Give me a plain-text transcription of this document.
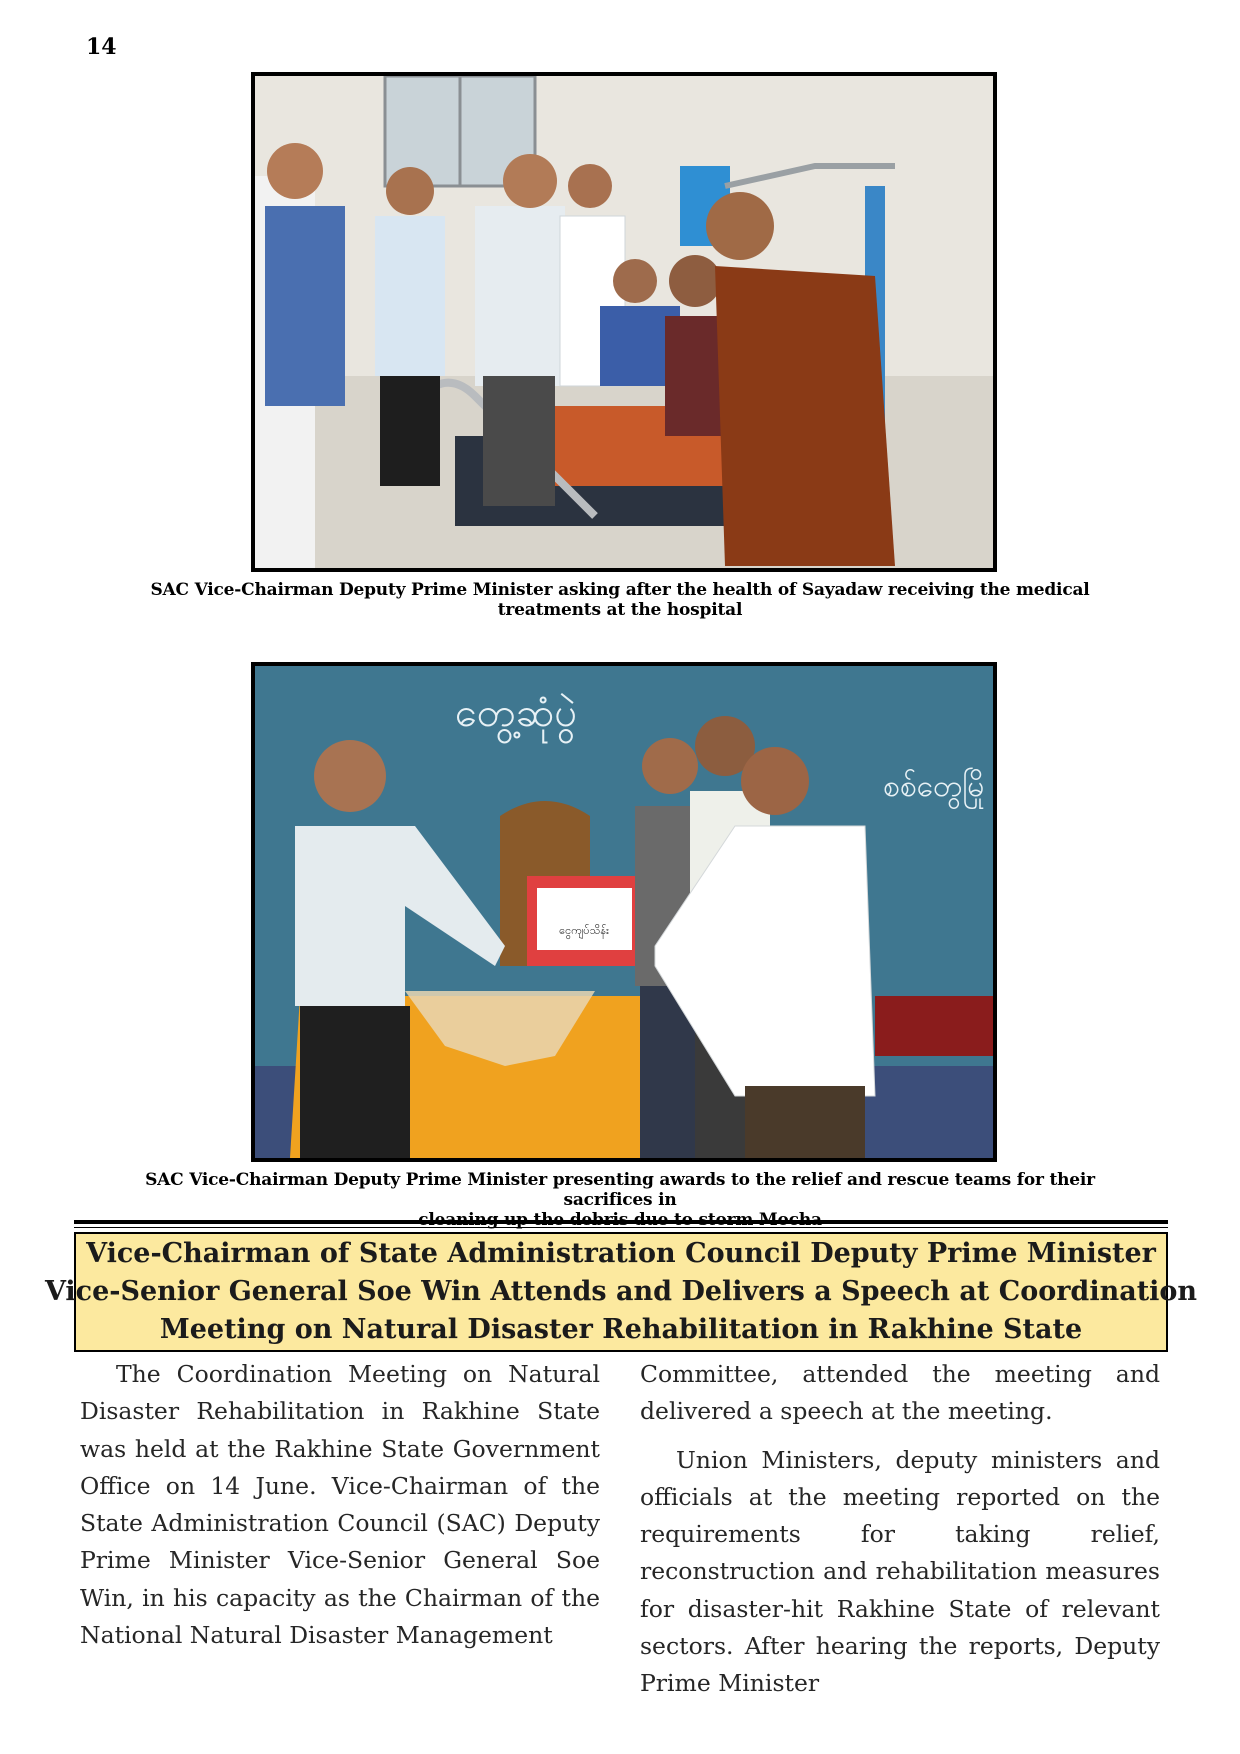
14
SAC Vice-Chairman Deputy Prime Minister asking after the health of Sayadaw receiving the medical
treatments at the hospital
တွေ့ဆုံပွဲ
စစ်တွေမြို
ငွေကျပ်သိန်း
SAC Vice-Chairman Deputy Prime Minister presenting awards to the relief and rescue teams for their sacrifices in
Vice-Chairman of State Administration Council Deputy Prime Minister
Vice-Senior General Soe Win Attends and Delivers a Speech at Coordination
Meeting on Natural Disaster Rehabilitation in Rakhine State

The Coordination Meeting on Natural Disaster Rehabilitation in Rakhine State was held at the Rakhine State Government Office on 14 June. Vice-Chairman of the State Administration Council (SAC) Deputy Prime Minister Vice-Senior General Soe Win, in his capacity as the Chairman of the National Natural Disaster Management

Committee, attended the meeting and delivered a speech at the meeting.

Union Ministers, deputy ministers and officials at the meeting reported on the requirements for taking relief, reconstruction and rehabilitation measures for disaster-hit Rakhine State of relevant sectors. After hearing the reports, Deputy Prime Minister
